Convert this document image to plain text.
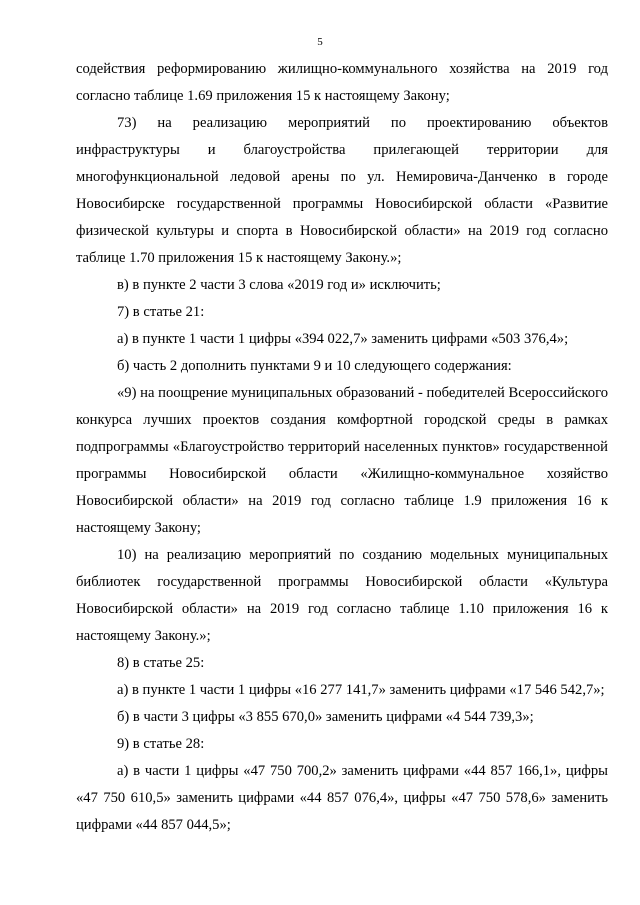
5

содействия реформированию жилищно-коммунального хозяйства на 2019 год согласно таблице 1.69 приложения 15 к настоящему Закону;

73) на реализацию мероприятий по проектированию объектов инфраструктуры и благоустройства прилегающей территории для многофункциональной ледовой арены по ул. Немировича-Данченко в городе Новосибирске государственной программы Новосибирской области «Развитие физической культуры и спорта в Новосибирской области» на 2019 год согласно таблице 1.70 приложения 15 к настоящему Закону.»;

в) в пункте 2 части 3 слова «2019 год и» исключить;

7) в статье 21:

а) в пункте 1 части 1 цифры «394 022,7» заменить цифрами «503 376,4»;

б) часть 2 дополнить пунктами 9 и 10 следующего содержания:

«9) на поощрение муниципальных образований - победителей Всероссийского конкурса лучших проектов создания комфортной городской среды в рамках подпрограммы «Благоустройство территорий населенных пунктов» государственной программы Новосибирской области «Жилищно-коммунальное хозяйство Новосибирской области» на 2019 год согласно таблице 1.9 приложения 16 к настоящему Закону;

10) на реализацию мероприятий по созданию модельных муниципальных библиотек государственной программы Новосибирской области «Культура Новосибирской области» на 2019 год согласно таблице 1.10 приложения 16 к настоящему Закону.»;

8) в статье 25:

а) в пункте 1 части 1 цифры «16 277 141,7» заменить цифрами «17 546 542,7»;

б) в части 3 цифры «3 855 670,0» заменить цифрами «4 544 739,3»;

9) в статье 28:

а) в части 1 цифры «47 750 700,2» заменить цифрами «44 857 166,1», цифры «47 750 610,5» заменить цифрами «44 857 076,4», цифры «47 750 578,6» заменить цифрами «44 857 044,5»;
